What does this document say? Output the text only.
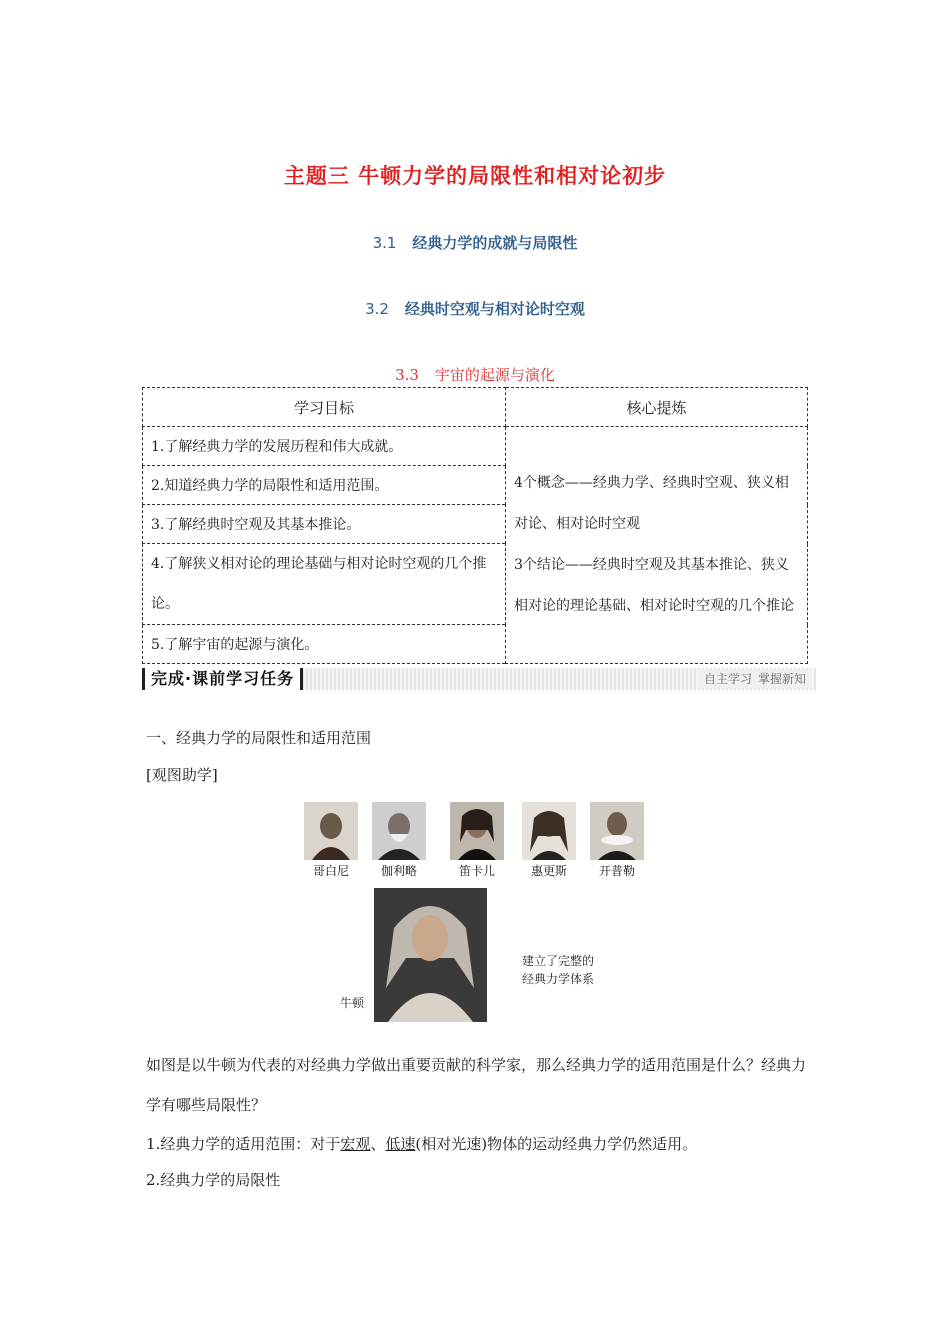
主题三 牛顿力学的局限性和相对论初步
3.1 经典力学的成就与局限性
3.2 经典时空观与相对论时空观
3.3 宇宙的起源与演化
学习目标	核心提炼
1.了解经典力学的发展历程和伟大成就。	4个概念——经典力学、经典时空观、狭义相对论、相对论时空观
3个结论——经典时空观及其基本推论、狭义相对论的理论基础、相对论时空观的几个推论

2.知道经典力学的局限性和适用范围。	
3.了解经典时空观及其基本推论。	
4.了解狭义相对论的理论基础与相对论时空观的几个推论。	
5.了解宇宙的起源与演化。	
完成·课前学习任务	自主学习 掌握新知
一、经典力学的局限性和适用范围
[观图助学]
哥白尼	伽利略	笛卡儿	惠更斯	开普勒
牛顿
建立了完整的
经典力学体系
如图是以牛顿为代表的对经典力学做出重要贡献的科学家，那么经典力学的适用范围是什么？经典力学有哪些局限性？
1.经典力学的适用范围：对于宏观、低速(相对光速)物体的运动经典力学仍然适用。
2.经典力学的局限性
